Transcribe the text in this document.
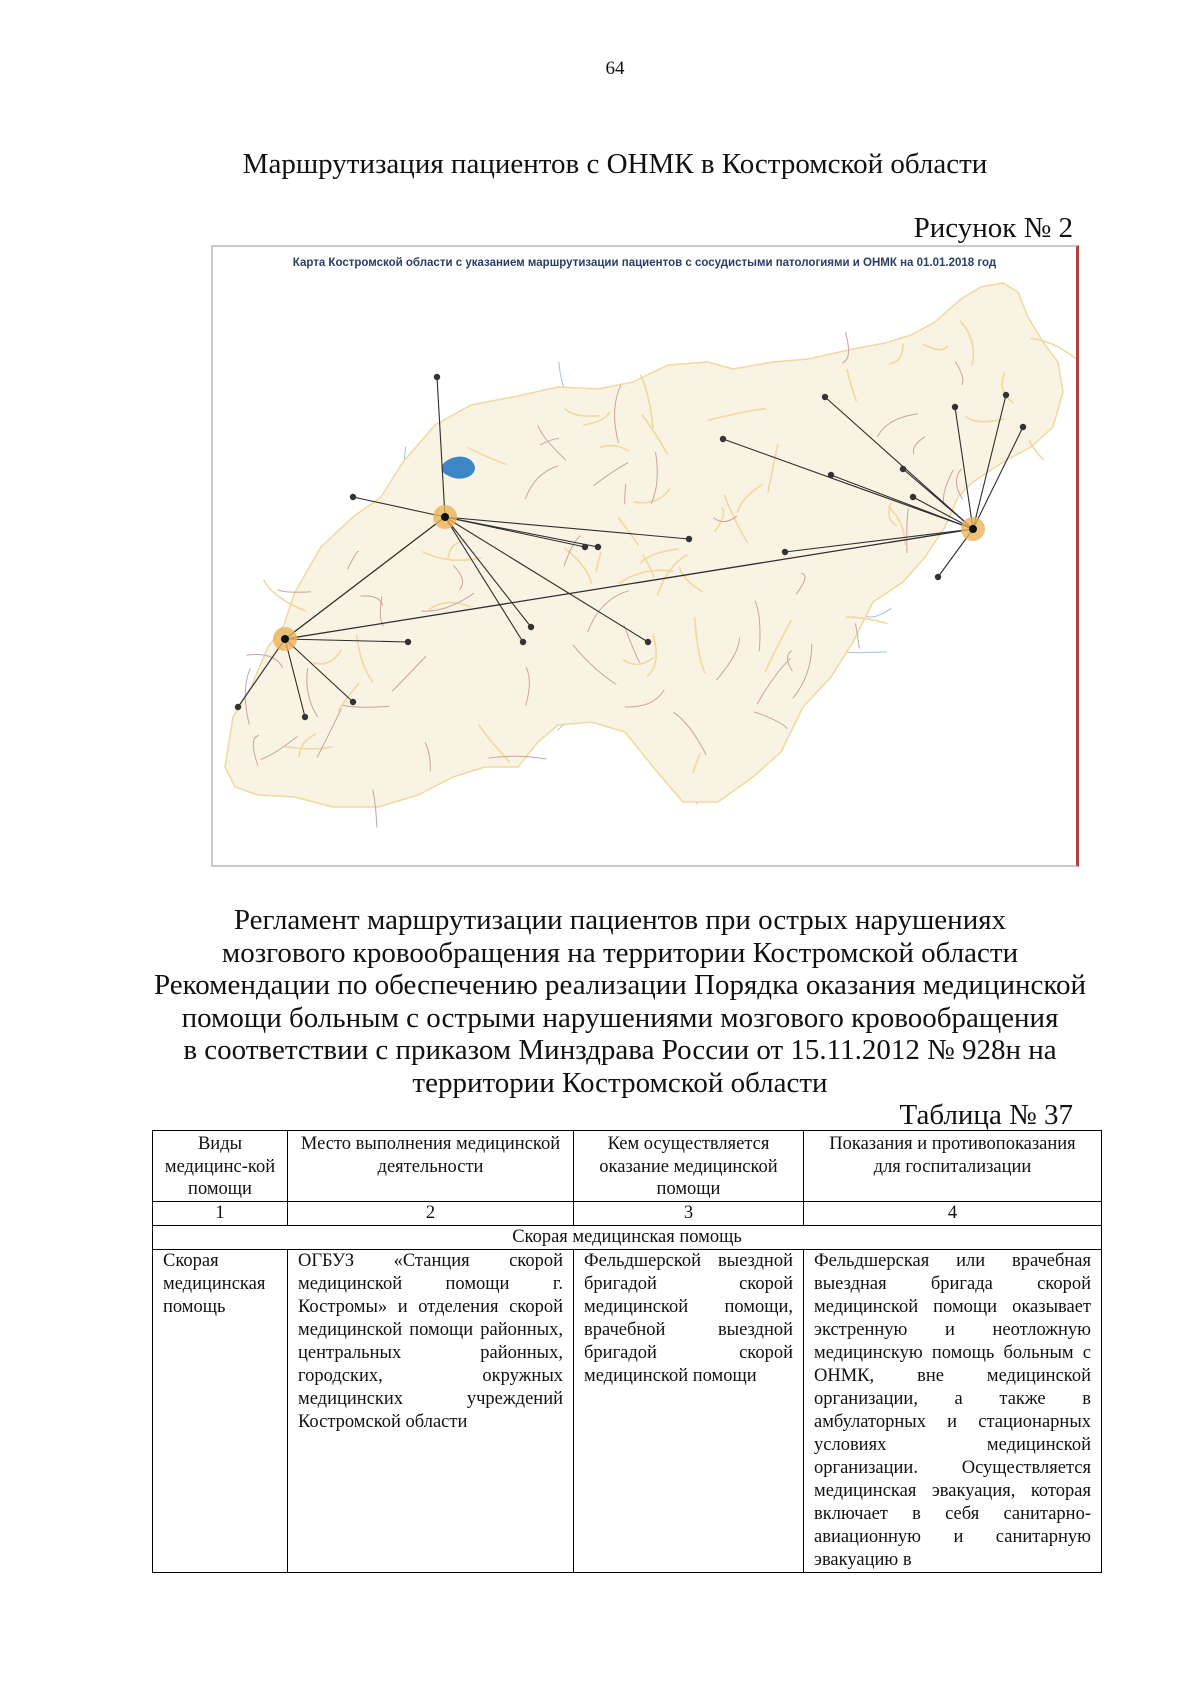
64
Маршрутизация пациентов с ОНМК в Костромской области
Рисунок № 2
Карта Костромской области с указанием маршрутизации пациентов с сосудистыми патологиями и ОНМК на 01.01.2018 год
Регламент маршрутизации пациентов при острых нарушениях
мозгового кровообращения на территории Костромской области
Рекомендации по обеспечению реализации Порядка оказания медицинской
помощи больным с острыми нарушениями мозгового кровообращения
в соответствии с приказом Минздрава России от 15.11.2012 № 928н на
территории Костромской области
Таблица № 37
Виды медицинс-кой помощи	Место выполнения медицинской деятельности	Кем осуществляется оказание медицинской помощи	Показания и противопоказания для госпитализации
1	2	3	4
Скорая медицинская помощь			
Скорая медицинская помощь	ОГБУЗ «Станция скорой медицинской помощи г. Костромы» и отделения скорой медицинской помощи районных, центральных районных, городских, окружных медицинских учреждений Костромской области	Фельдшерской выездной бригадой скорой медицинской помощи, врачебной выездной бригадой скорой медицинской помощи	Фельдшерская или врачебная выездная бригада скорой медицинской помощи оказывает экстренную и неотложную медицинскую помощь больным с ОНМК, вне медицинской организации, а также в амбулаторных и стационарных условиях медицинской организации. Осуществляется медицинская эвакуация, которая включает в себя санитарно-авиационную и санитарную эвакуацию в
